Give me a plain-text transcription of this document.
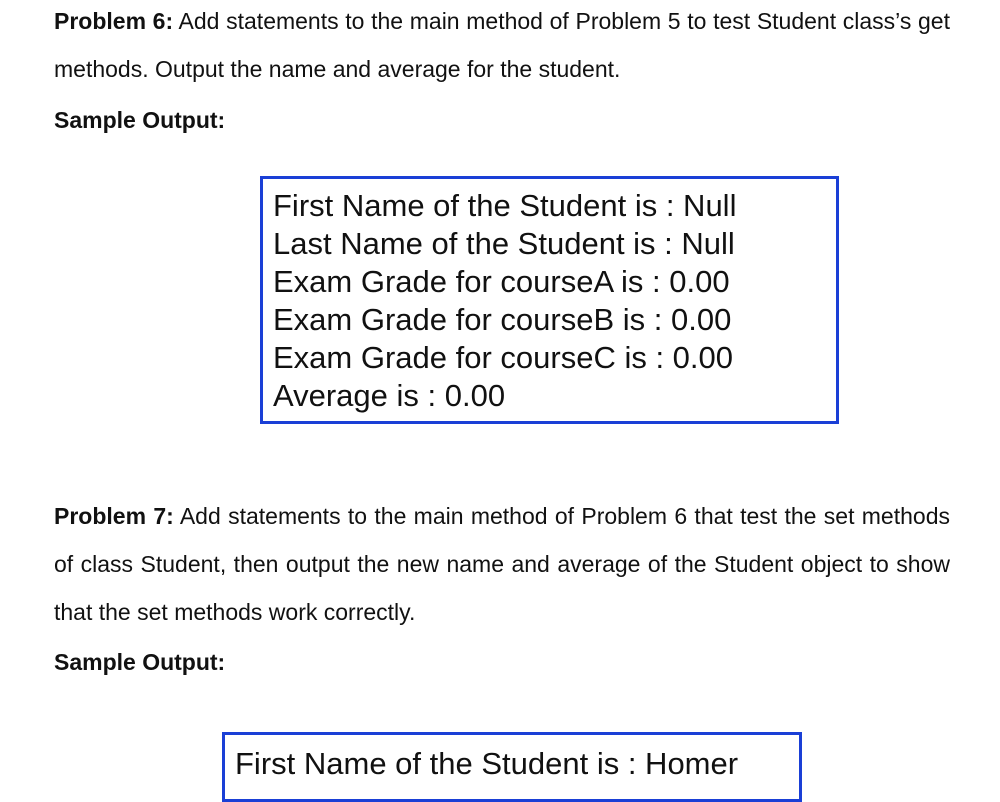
Problem 6: Add statements to the main method of Problem 5 to test Student class’s get methods. Output the name and average for the student.

Sample Output:

First Name of the Student is : Null
Last Name of the Student is : Null
Exam Grade for courseA is : 0.00
Exam Grade for courseB is : 0.00
Exam Grade for courseC is : 0.00
Average is : 0.00

Problem 7: Add statements to the main method of Problem 6 that test the set methods of class Student, then output the new name and average of the Student object to show that the set methods work correctly.

Sample Output:

First Name of the Student is : Homer
